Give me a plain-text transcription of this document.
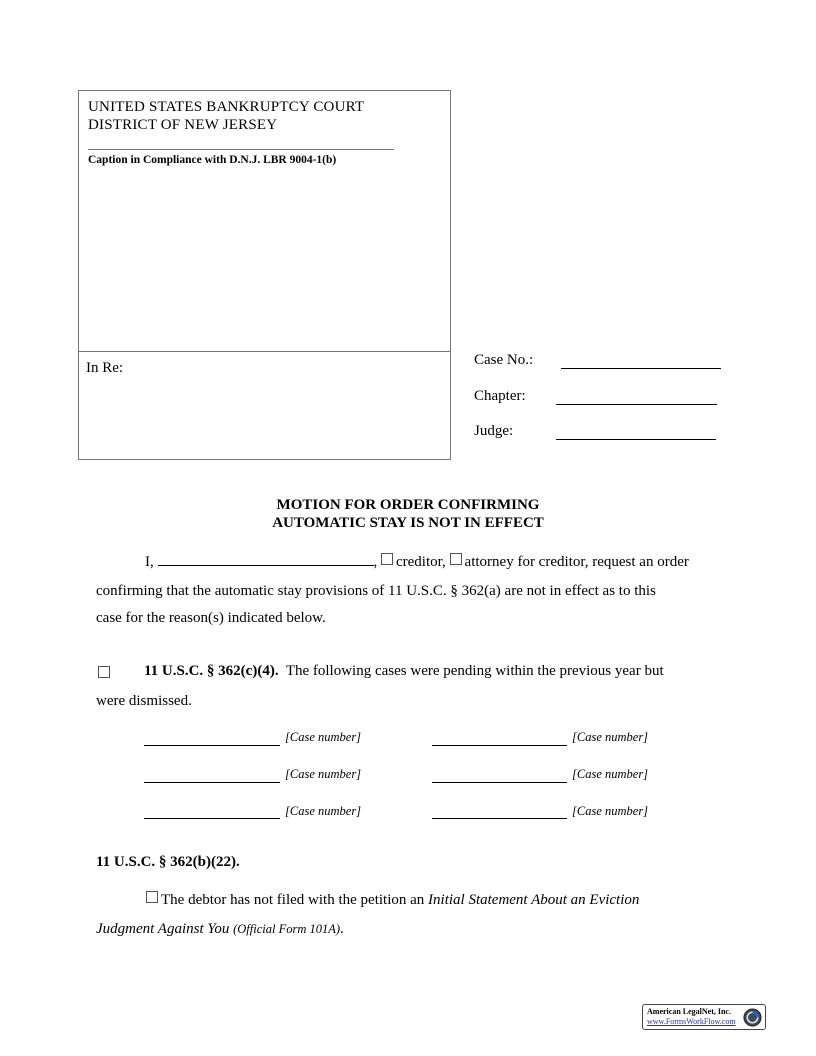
UNITED STATES BANKRUPTCY COURT
DISTRICT OF NEW JERSEY
Caption in Compliance with D.N.J. LBR 9004-1(b)
In Re:	Case No.:
Chapter:
Judge:
MOTION FOR ORDER CONFIRMING
AUTOMATIC STAY IS NOT IN EFFECT
I,	, creditor, attorney for creditor, request an order
confirming that the automatic stay provisions of 11 U.S.C. § 362(a) are not in effect as to this
case for the reason(s) indicated below.
11 U.S.C. § 362(c)(4). The following cases were pending within the previous year but
were dismissed.
[Case number]	[Case number]
[Case number]	[Case number]
[Case number]	[Case number]
11 U.S.C. § 362(b)(22).
The debtor has not filed with the petition an Initial Statement About an Eviction
Judgment Against You (Official Form 101A).
American LegalNet, Inc.
www.FormsWorkFlow.com
